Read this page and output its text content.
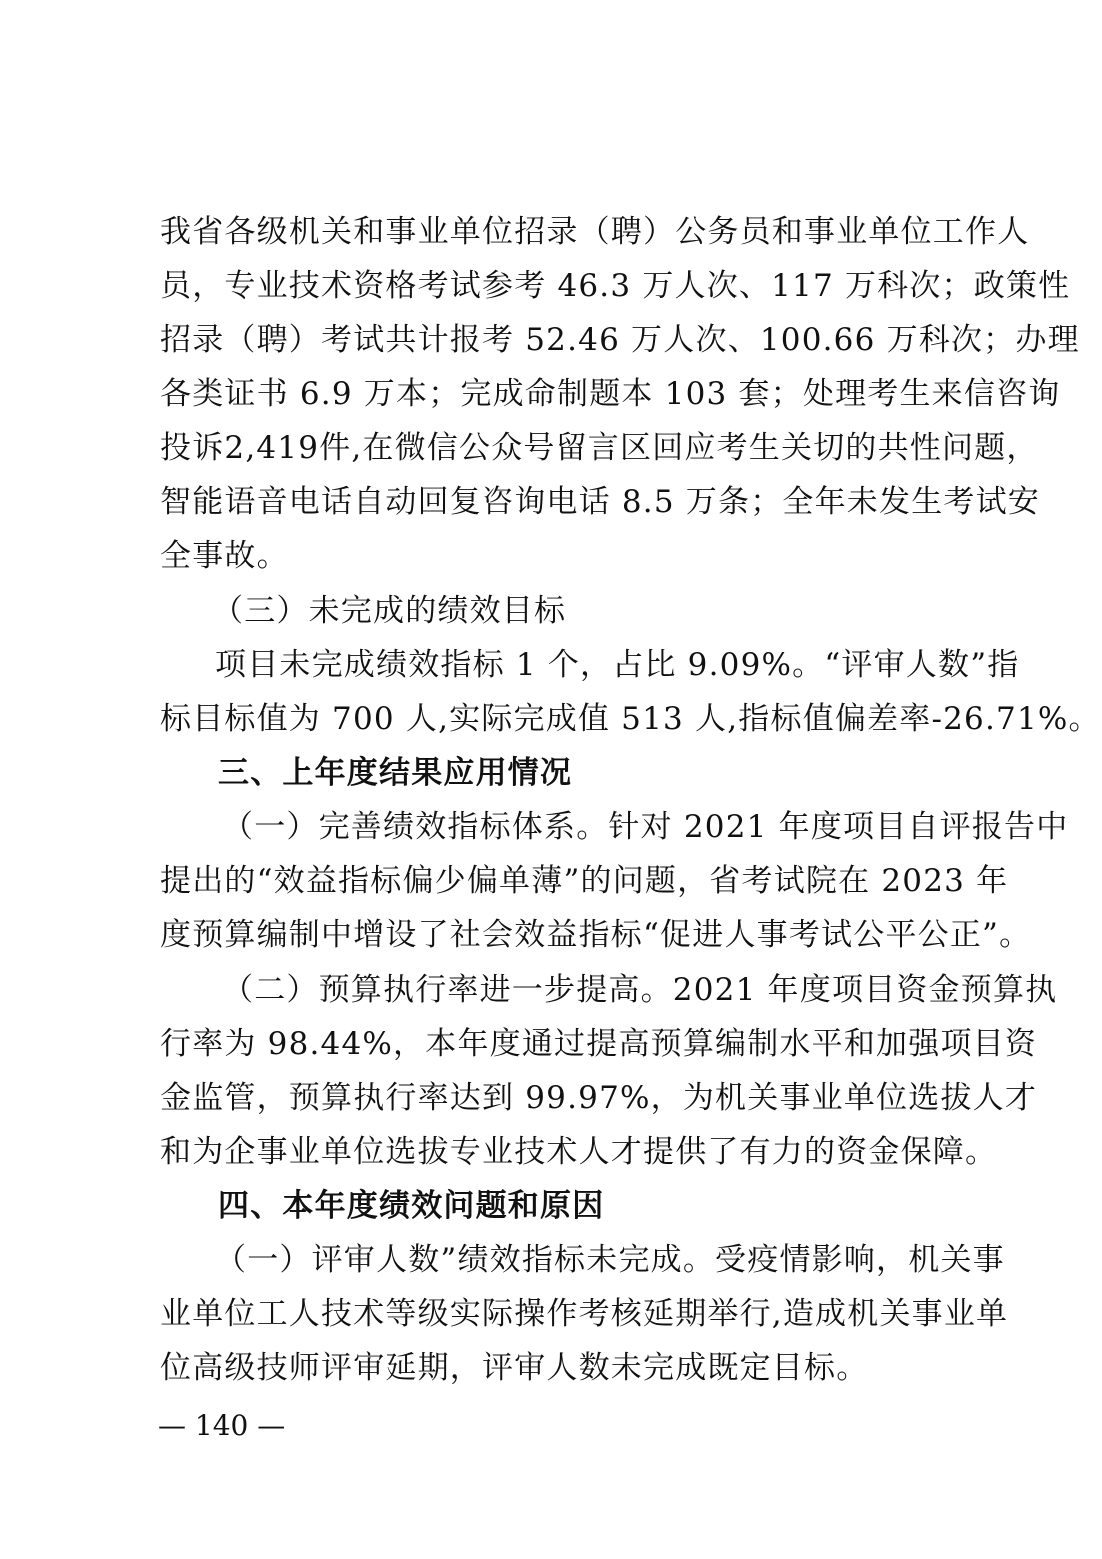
我省各级机关和事业单位招录（聘）公务员和事业单位工作人
员，专业技术资格考试参考 46.3 万人次、117 万科次；政策性
招录（聘）考试共计报考 52.46 万人次、100.66 万科次；办理
各类证书 6.9 万本；完成命制题本 103 套；处理考生来信咨询
投诉2,419件,在微信公众号留言区回应考生关切的共性问题，
智能语音电话自动回复咨询电话 8.5 万条；全年未发生考试安
全事故。
（三）未完成的绩效目标
项目未完成绩效指标 1 个，占比 9.09%。“评审人数”指
标目标值为 700 人,实际完成值 513 人,指标值偏差率-26.71%。
三、上年度结果应用情况
（一）完善绩效指标体系。针对 2021 年度项目自评报告中
提出的“效益指标偏少偏单薄”的问题，省考试院在 2023 年
度预算编制中增设了社会效益指标“促进人事考试公平公正”。
（二）预算执行率进一步提高。2021 年度项目资金预算执
行率为 98.44%，本年度通过提高预算编制水平和加强项目资
金监管，预算执行率达到 99.97%，为机关事业单位选拔人才
和为企事业单位选拔专业技术人才提供了有力的资金保障。
四、本年度绩效问题和原因
（一）评审人数”绩效指标未完成。受疫情影响，机关事
业单位工人技术等级实际操作考核延期举行,造成机关事业单
位高级技师评审延期，评审人数未完成既定目标。
— 140 —
